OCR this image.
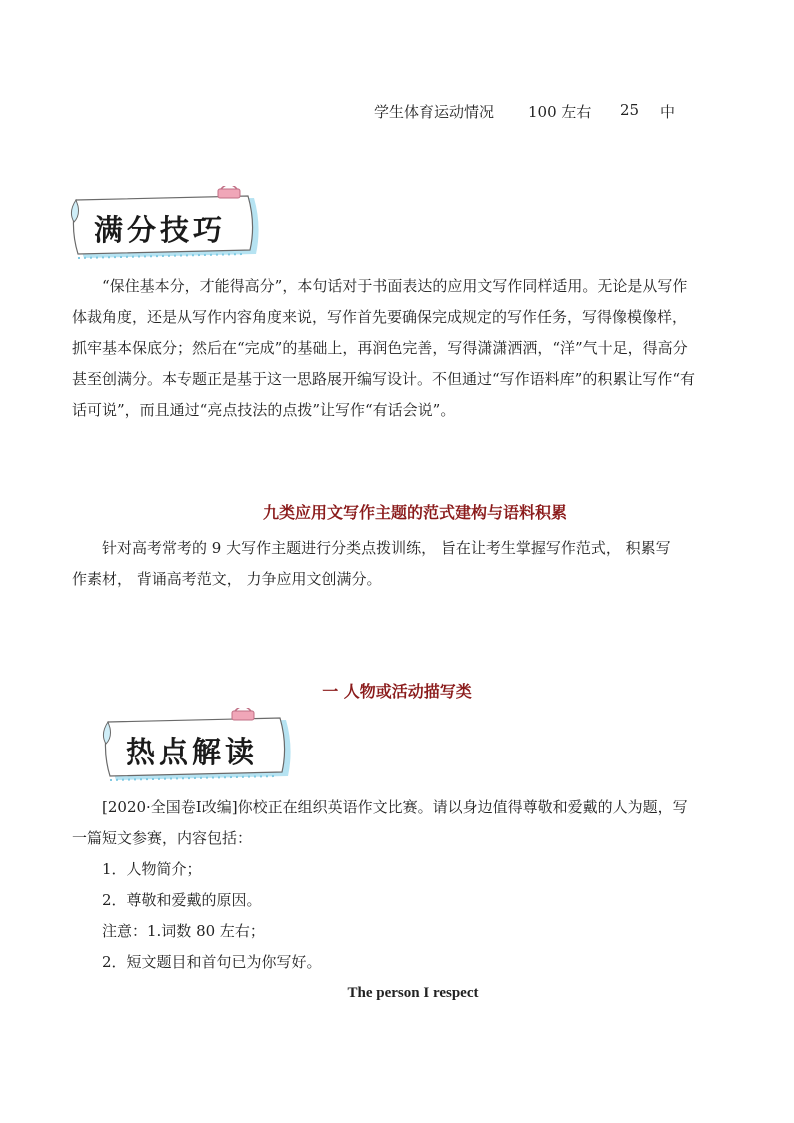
学生体育运动情况 100 左右 25 中
满分技巧
“保住基本分，才能得高分”，本句话对于书面表达的应用文写作同样适用。无论是从写作
体裁角度，还是从写作内容角度来说，写作首先要确保完成规定的写作任务，写得像模像样，
抓牢基本保底分；然后在“完成”的基础上，再润色完善，写得潇潇洒洒，“洋”气十足，得高分
甚至创满分。本专题正是基于这一思路展开编写设计。不但通过“写作语料库”的积累让写作“有
话可说”，而且通过“亮点技法的点拨”让写作“有话会说”。
九类应用文写作主题的范式建构与语料积累
针对高考常考的 9 大写作主题进行分类点拨训练， 旨在让考生掌握写作范式， 积累写
作素材， 背诵高考范文， 力争应用文创满分。
一 人物或活动描写类
热点解读
[2020·全国卷Ⅰ改编]你校正在组织英语作文比赛。请以身边值得尊敬和爱戴的人为题，写
一篇短文参赛，内容包括：
1．人物简介；
2．尊敬和爱戴的原因。
注意：1.词数 80 左右；
2．短文题目和首句已为你写好。
The person I respect
